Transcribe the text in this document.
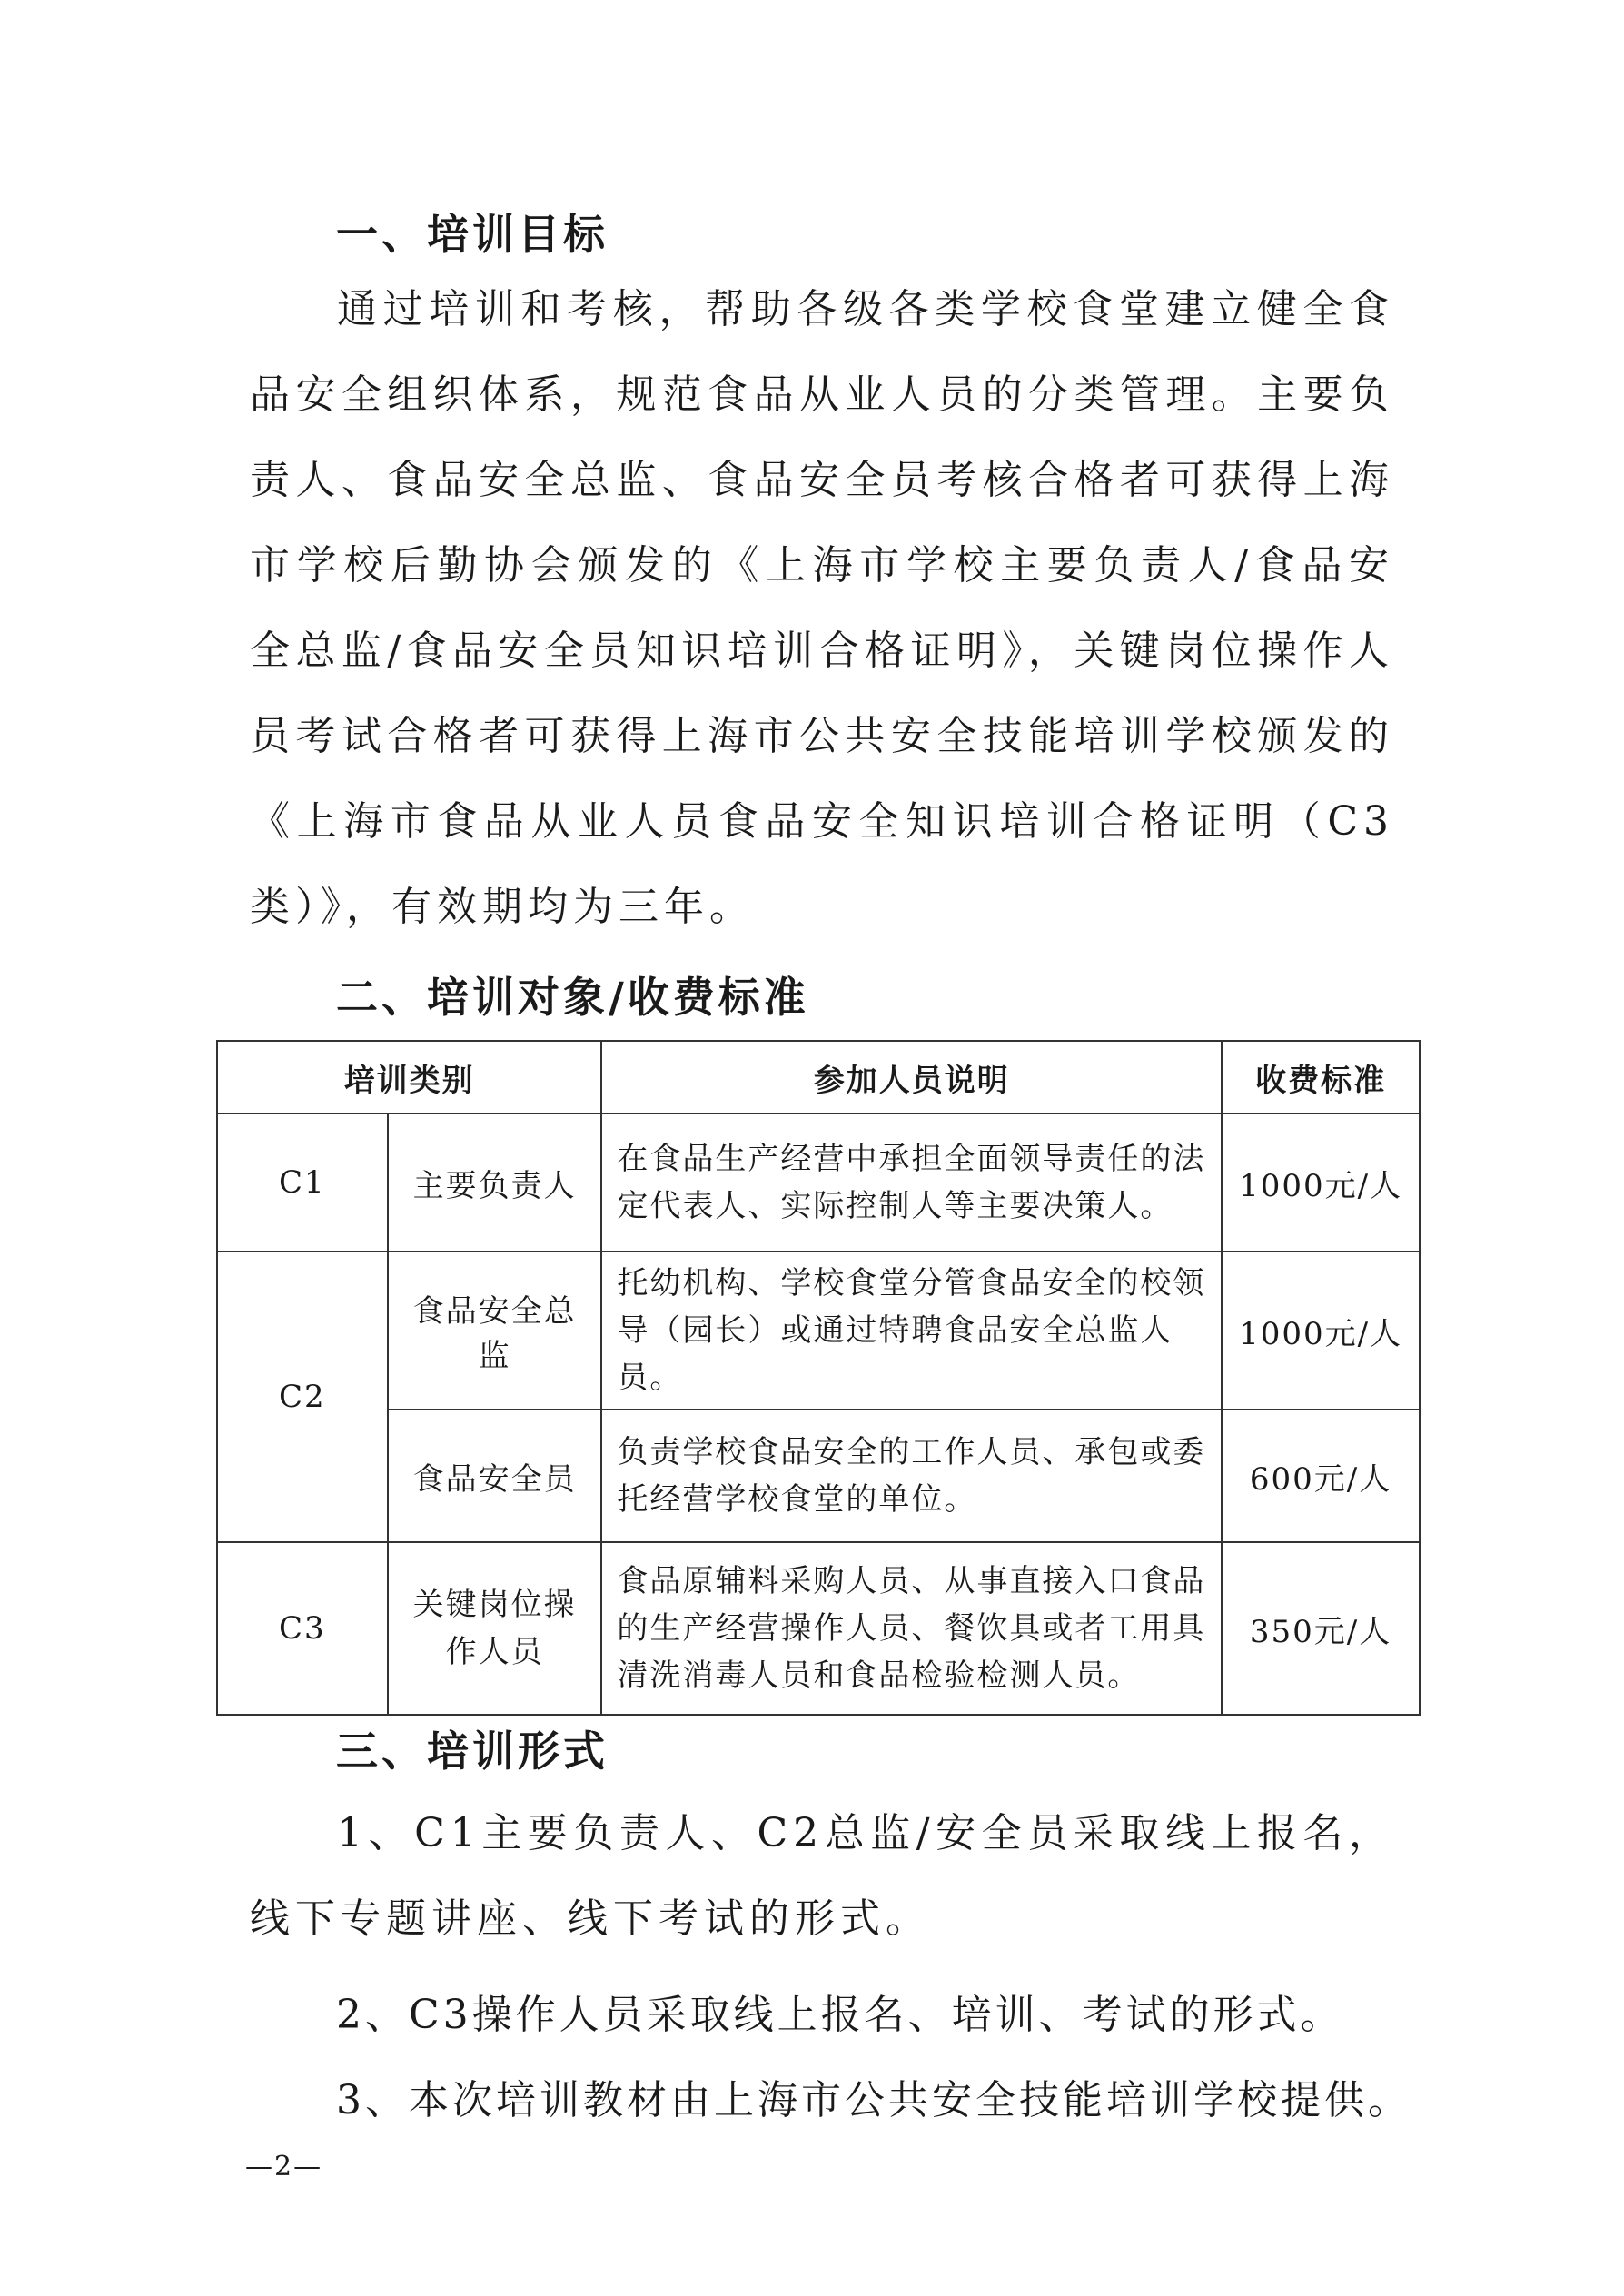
一、培训目标

通过培训和考核，帮助各级各类学校食堂建立健全食品安全组织体系，规范食品从业人员的分类管理。主要负责人、食品安全总监、食品安全员考核合格者可获得上海市学校后勤协会颁发的《上海市学校主要负责人/食品安全总监/食品安全员知识培训合格证明》，关键岗位操作人员考试合格者可获得上海市公共安全技能培训学校颁发的《上海市食品从业人员食品安全知识培训合格证明（C3类）》，有效期均为三年。

二、培训对象/收费标准
培训类别		参加人员说明	收费标准
C1	主要负责人	在食品生产经营中承担全面领导责任的法定代表人、实际控制人等主要决策人。	1000元/人
C2	食品安全总监	托幼机构、学校食堂分管食品安全的校领导（园长）或通过特聘食品安全总监人员。	1000元/人
	食品安全员	负责学校食品安全的工作人员、承包或委托经营学校食堂的单位。	600元/人
C3	关键岗位操作人员	食品原辅料采购人员、从事直接入口食品的生产经营操作人员、餐饮具或者工用具清洗消毒人员和食品检验检测人员。	350元/人
三、培训形式

1、C1主要负责人、C2总监/安全员采取线上报名，线下专题讲座、线下考试的形式。

2、C3操作人员采取线上报名、培训、考试的形式。
3、本次培训教材由上海市公共安全技能培训学校提供。
—2—
